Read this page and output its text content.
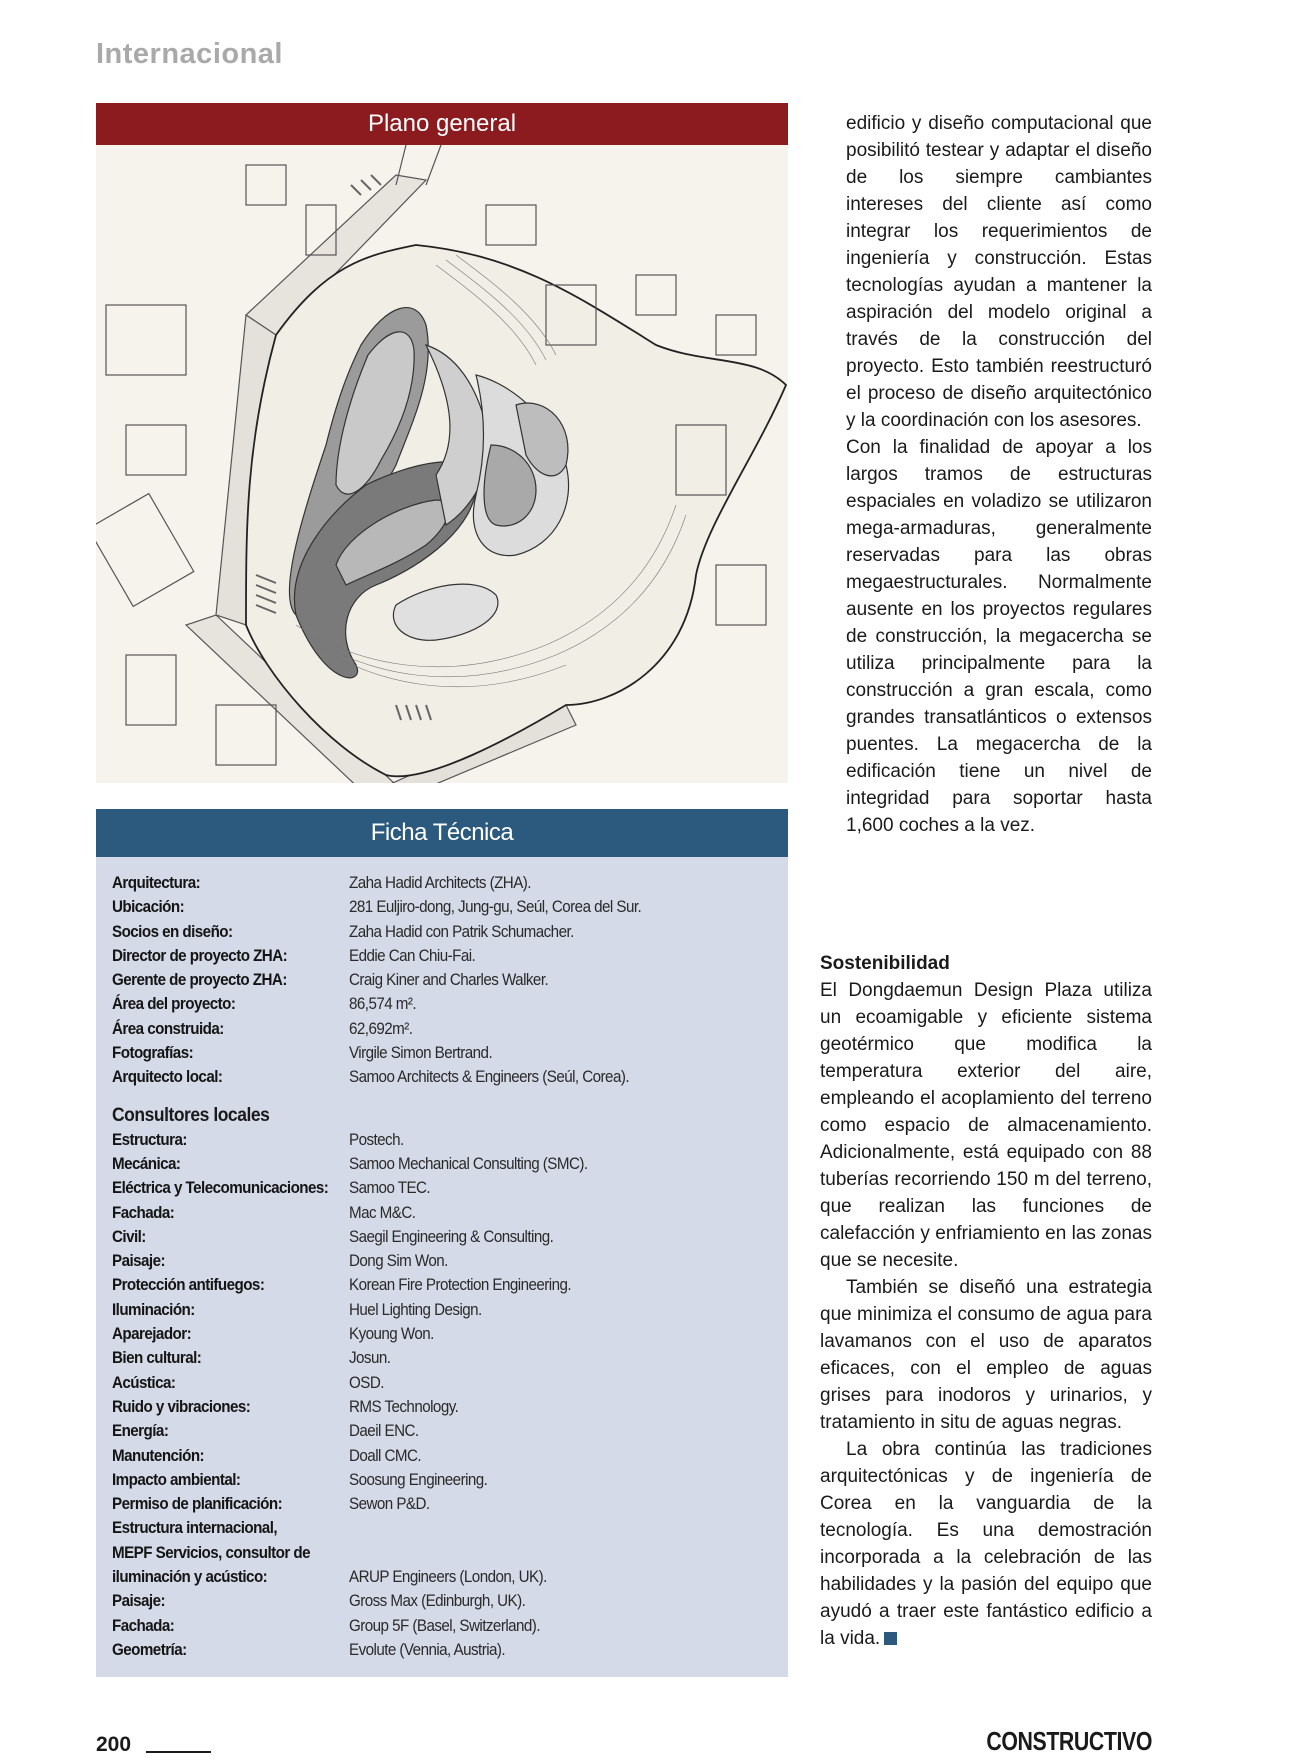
Internacional
Plano general
Ficha Técnica
Arquitectura:	Zaha Hadid Architects (ZHA).
Ubicación:	281 Euljiro-dong, Jung-gu, Seúl, Corea del Sur.
Socios en diseño:	Zaha Hadid con Patrik Schumacher.
Director de proyecto ZHA:	Eddie Can Chiu-Fai.
Gerente de proyecto ZHA:	Craig Kiner and Charles Walker.
Área del proyecto:	86,574 m².
Área construida:	62,692m².
Fotografías:	Virgile Simon Bertrand.
Arquitecto local:	Samoo Architects & Engineers (Seúl, Corea).
Consultores locales
Estructura:	Postech.
Mecánica:	Samoo Mechanical Consulting (SMC).
Eléctrica y Telecomunicaciones: Samoo TEC.
Fachada:	Mac M&C.
Civil:	Saegil Engineering & Consulting.
Paisaje:	Dong Sim Won.
Protección antifuegos:	Korean Fire Protection Engineering.
Iluminación:	Huel Lighting Design.
Aparejador:	Kyoung Won.
Bien cultural:	Josun.
Acústica:	OSD.
Ruido y vibraciones:	RMS Technology.
Energía:	Daeil ENC.
Manutención:	Doall CMC.
Impacto ambiental:	Soosung Engineering.
Permiso de planificación:	Sewon P&D.
Estructura internacional,
MEPF Servicios, consultor de
iluminación y acústico:	ARUP Engineers (London, UK).
Paisaje:	Gross Max (Edinburgh, UK).
Fachada:	Group 5F (Basel, Switzerland).
Geometría:	Evolute (Vennia, Austria).

edificio y diseño computacional que posibilitó testear y adaptar el diseño de los siempre cambiantes intereses del cliente así como integrar los requerimientos de ingeniería y construcción. Estas tecnologías ayudan a mantener la aspiración del modelo original a través de la construcción del proyecto. Esto también reestructuró el proceso de diseño arquitectónico y la coordinación con los asesores.

Con la finalidad de apoyar a los largos tramos de estructuras espaciales en voladizo se utilizaron mega-armaduras, generalmente reservadas para las obras megaestructurales. Normalmente ausente en los proyectos regulares de construcción, la megacercha se utiliza principalmente para la construcción a gran escala, como grandes transatlánticos o extensos puentes. La megacercha de la edificación tiene un nivel de integridad para soportar hasta 1,600 coches a la vez.

Sostenibilidad

El Dongdaemun Design Plaza utiliza un ecoamigable y eficiente sistema geotérmico que modifica la temperatura exterior del aire, empleando el acoplamiento del terreno como espacio de almacenamiento. Adicionalmente, está equipado con 88 tuberías recorriendo 150 m del terreno, que realizan las funciones de calefacción y enfriamiento en las zonas que se necesite.

También se diseñó una estrategia que minimiza el consumo de agua para lavamanos con el uso de aparatos eficaces, con el empleo de aguas grises para inodoros y urinarios, y tratamiento in situ de aguas negras.

La obra continúa las tradiciones arquitectónicas y de ingeniería de Corea en la vanguardia de la tecnología. Es una demostración incorporada a la celebración de las habilidades y la pasión del equipo que ayudó a traer este fantástico edificio a la vida.

200	CONSTRUCTIVO
